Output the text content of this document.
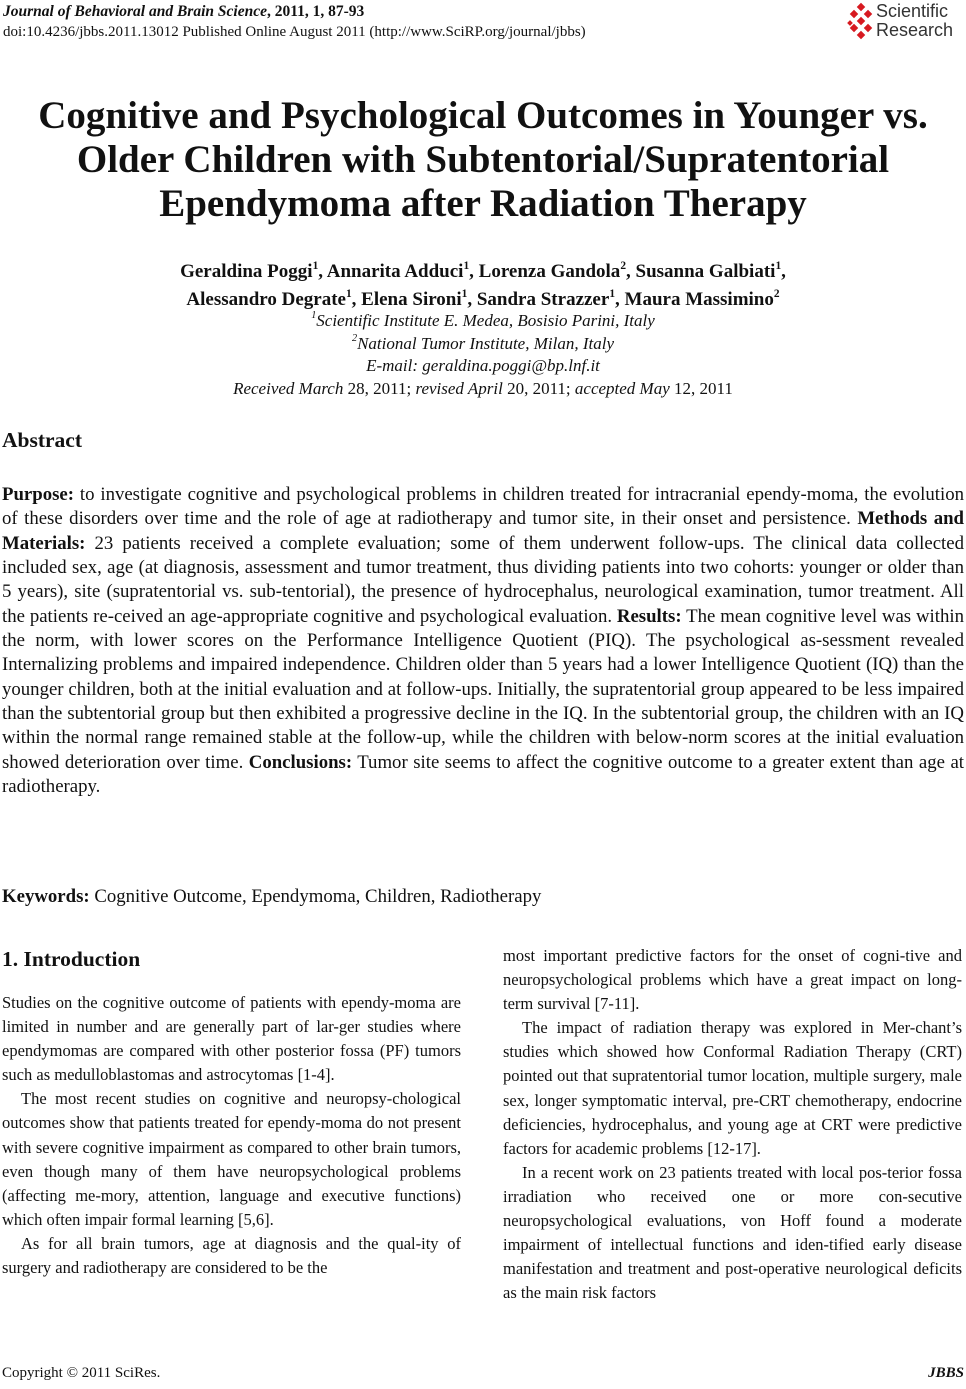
Journal of Behavioral and Brain Science, 2011, 1, 87-93
doi:10.4236/jbbs.2011.13012 Published Online August 2011 (http://www.SciRP.org/journal/jbbs)
Scientific
Research
Cognitive and Psychological Outcomes in Younger vs.
Older Children with Subtentorial/Supratentorial
Ependymoma after Radiation Therapy
Geraldina Poggi$^1$, Annarita Adduci$^1$, Lorenza Gandola$^2$, Susanna Galbiati$^1$,
Alessandro Degrate$^1$, Elena Sironi$^1$, Sandra Strazzer$^1$, Maura Massimino$^2$
$^1$Scientific Institute E. Medea, Bosisio Parini, Italy
$^2$National Tumor Institute, Milan, Italy
E-mail: geraldina.poggi@bp.lnf.it
Received March 28, 2011; revised April 20, 2011; accepted May 12, 2011
Abstract
Purpose: to investigate cognitive and psychological problems in children treated for intracranial ependy-moma, the evolution of these disorders over time and the role of age at radiotherapy and tumor site, in their onset and persistence. Methods and Materials: 23 patients received a complete evaluation; some of them underwent follow-ups. The clinical data collected included sex, age (at diagnosis, assessment and tumor treatment, thus dividing patients into two cohorts: younger or older than 5 years), site (supratentorial vs. sub-tentorial), the presence of hydrocephalus, neurological examination, tumor treatment. All the patients re-ceived an age-appropriate cognitive and psychological evaluation. Results: The mean cognitive level was within the norm, with lower scores on the Performance Intelligence Quotient (PIQ). The psychological as-sessment revealed Internalizing problems and impaired independence. Children older than 5 years had a lower Intelligence Quotient (IQ) than the younger children, both at the initial evaluation and at follow-ups. Initially, the supratentorial group appeared to be less impaired than the subtentorial group but then exhibited a progressive decline in the IQ. In the subtentorial group, the children with an IQ within the normal range remained stable at the follow-up, while the children with below-norm scores at the initial evaluation showed deterioration over time. Conclusions: Tumor site seems to affect the cognitive outcome to a greater extent than age at radiotherapy.
Keywords: Cognitive Outcome, Ependymoma, Children, Radiotherapy
1. Introduction

Studies on the cognitive outcome of patients with ependy-moma are limited in number and are generally part of lar-ger studies where ependymomas are compared with other posterior fossa (PF) tumors such as medulloblastomas and astrocytomas [1-4].

The most recent studies on cognitive and neuropsy-chological outcomes show that patients treated for ependy-moma do not present with severe cognitive impairment as compared to other brain tumors, even though many of them have neuropsychological problems (affecting me-mory, attention, language and executive functions) which often impair formal learning [5,6].

As for all brain tumors, age at diagnosis and the qual-ity of surgery and radiotherapy are considered to be the

most important predictive factors for the onset of cogni-tive and neuropsychological problems which have a great impact on long-term survival [7-11].

The impact of radiation therapy was explored in Mer-chant’s studies which showed how Conformal Radiation Therapy (CRT) pointed out that supratentorial tumor location, multiple surgery, male sex, longer symptomatic interval, pre-CRT chemotherapy, endocrine deficiencies, hydrocephalus, and young age at CRT were predictive factors for academic problems [12-17].

In a recent work on 23 patients treated with local pos-terior fossa irradiation who received one or more con-secutive neuropsychological evaluations, von Hoff found a moderate impairment of intellectual functions and iden-tified early disease manifestation and treatment and post-operative neurological deficits as the main risk factors

Copyright © 2011 SciRes.	JBBS
